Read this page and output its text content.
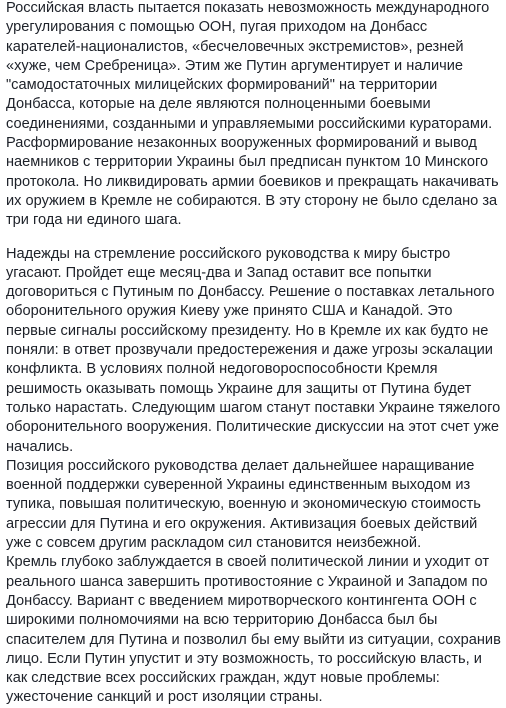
Российская власть пытается показать невозможность международного урегулирования с помощью ООН, пугая приходом на Донбасс карателей-националистов, «бесчеловечных экстремистов», резней «хуже, чем Сребреница». Этим же Путин аргументирует и наличие "самодостаточных милицейских формирований" на территории Донбасса, которые на деле являются полноценными боевыми соединениями, созданными и управляемыми российскими кураторами. Расформирование незаконных вооруженных формирований и вывод наемников с территории Украины был предписан пунктом 10 Минского протокола. Но ликвидировать армии боевиков и прекращать накачивать их оружием в Кремле не собираются. В эту сторону не было сделано за три года ни единого шага.

Надежды на стремление российского руководства к миру быстро угасают. Пройдет еще месяц-два и Запад оставит все попытки договориться с Путиным по Донбассу. Решение о поставках летального оборонительного оружия Киеву уже принято США и Канадой. Это первые сигналы российскому президенту. Но в Кремле их как будто не поняли: в ответ прозвучали предостережения и даже угрозы эскалации конфликта. В условиях полной недоговороспособности Кремля решимость оказывать помощь Украине для защиты от Путина будет только нарастать. Следующим шагом станут поставки Украине тяжелого оборонительного вооружения. Политические дискуссии на этот счет уже начались.

Позиция российского руководства делает дальнейшее наращивание военной поддержки суверенной Украины единственным выходом из тупика, повышая политическую, военную и экономическую стоимость агрессии для Путина и его окружения. Активизация боевых действий уже с совсем другим раскладом сил становится неизбежной.

Кремль глубоко заблуждается в своей политической линии и уходит от реального шанса завершить противостояние с Украиной и Западом по Донбассу. Вариант с введением миротворческого контингента ООН с широкими полномочиями на всю территорию Донбасса был бы спасителем для Путина и позволил бы ему выйти из ситуации, сохранив лицо. Если Путин упустит и эту возможность, то российскую власть, и как следствие всех российских граждан, ждут новые проблемы: ужесточение санкций и рост изоляции страны.
